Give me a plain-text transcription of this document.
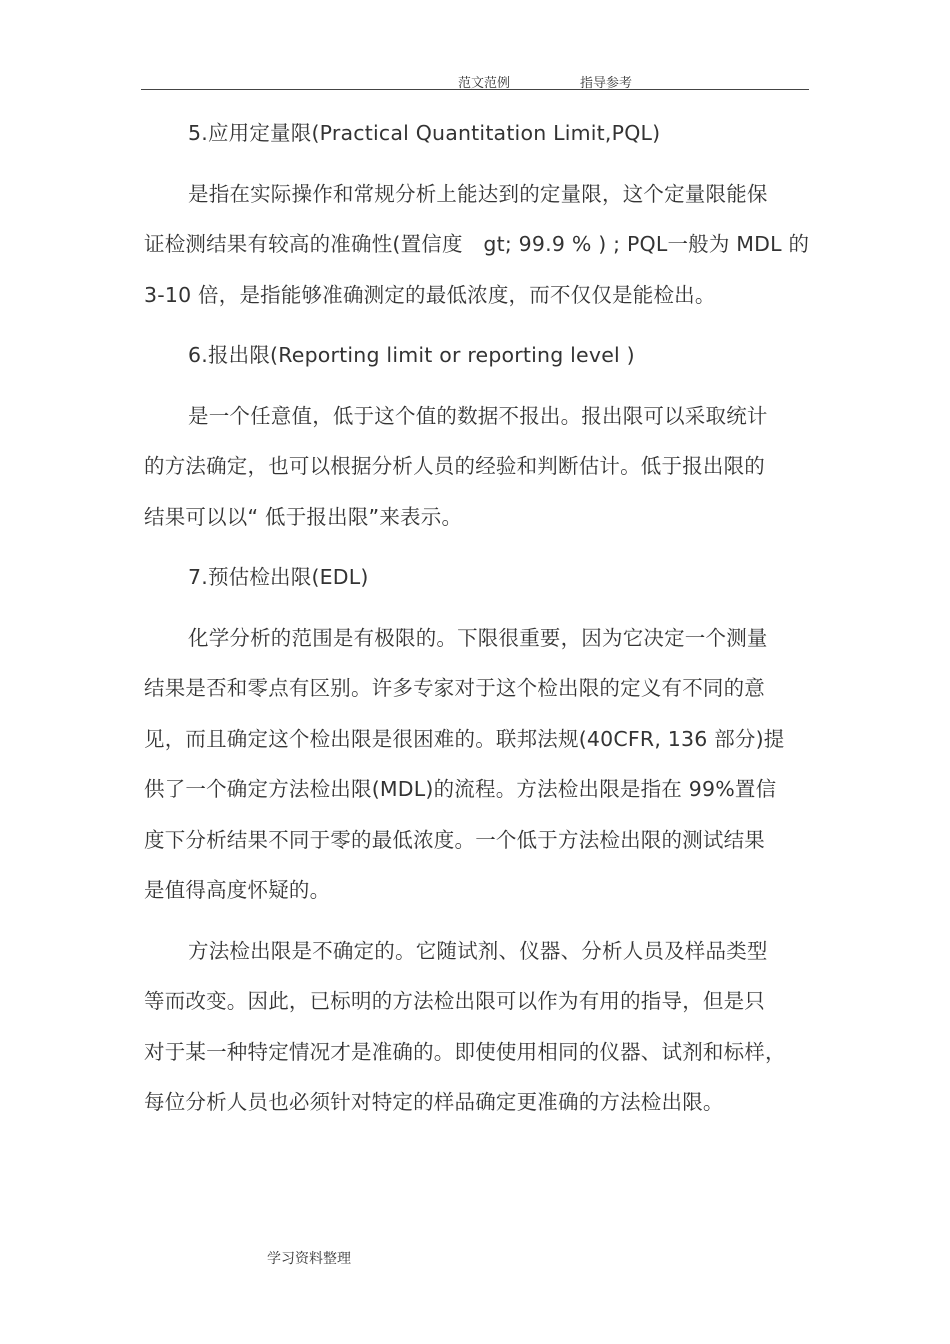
范文范例	指导参考
5.应用定量限(Practical Quantitation Limit,PQL)
是指在实际操作和常规分析上能达到的定量限，这个定量限能保
证检测结果有较高的准确性(置信度　gt; 99.9 % ) ; PQL一般为 MDL 的
3-10 倍，是指能够准确测定的最低浓度，而不仅仅是能检出。
6.报出限(Reporting limit or reporting level )
是一个任意值，低于这个值的数据不报出。报出限可以采取统计
的方法确定，也可以根据分析人员的经验和判断估计。低于报出限的
结果可以以“ 低于报出限”来表示。
7.预估检出限(EDL)
化学分析的范围是有极限的。下限很重要，因为它决定一个测量
结果是否和零点有区别。许多专家对于这个检出限的定义有不同的意
见，而且确定这个检出限是很困难的。联邦法规(40CFR, 136 部分)提
供了一个确定方法检出限(MDL)的流程。方法检出限是指在 99%置信
度下分析结果不同于零的最低浓度。一个低于方法检出限的测试结果
是值得高度怀疑的。
方法检出限是不确定的。它随试剂、仪器、分析人员及样品类型
等而改变。因此，已标明的方法检出限可以作为有用的指导，但是只
对于某一种特定情况才是准确的。即使使用相同的仪器、试剂和标样，
每位分析人员也必须针对特定的样品确定更准确的方法检出限。
学习资料整理
